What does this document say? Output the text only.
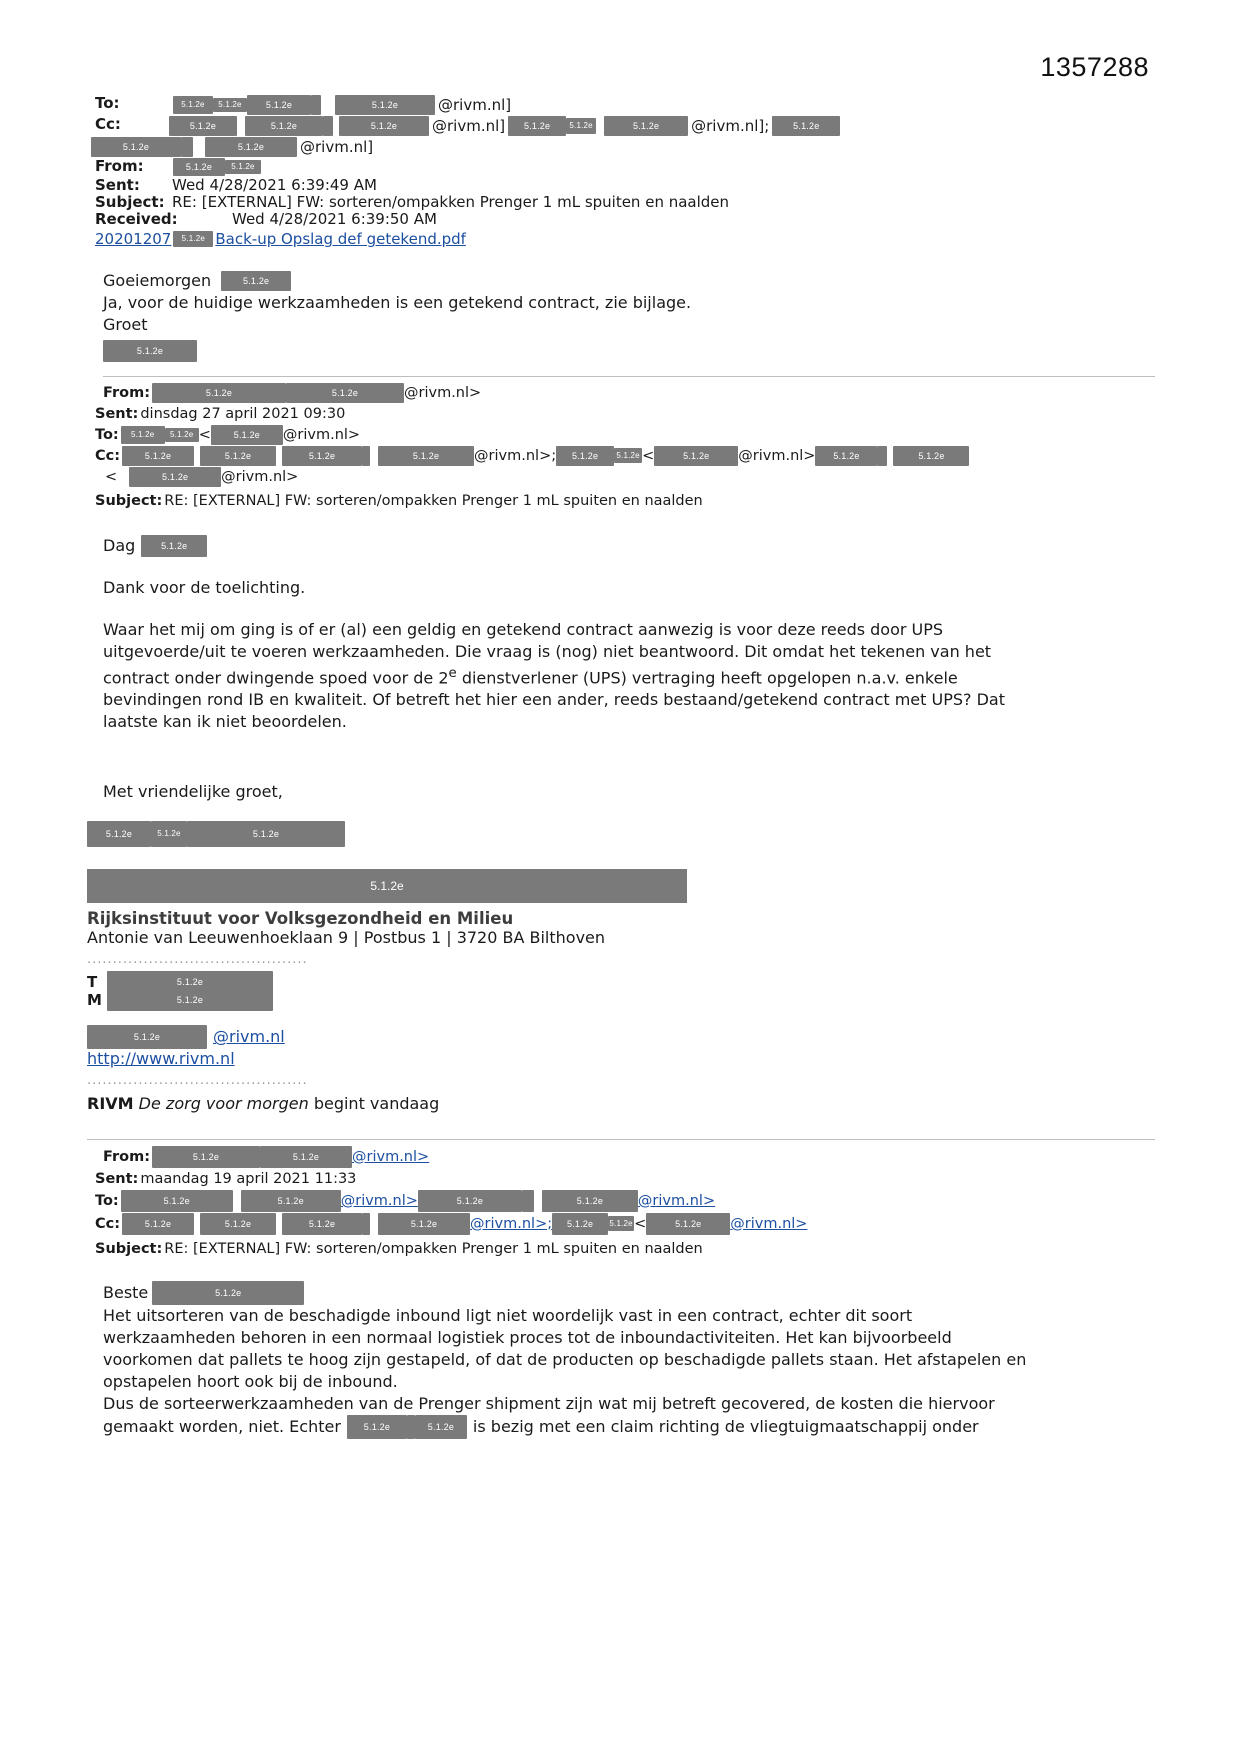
1357288
To:	5.1.2e	5.1.2e	5.1.2e	5.1.2e	@rivm.nl]
Cc:	5.1.2e	5.1.2e	5.1.2e	@rivm.nl]	5.1.2e	5.1.2e	5.1.2e	@rivm.nl];	5.1.2e

5.1.2e	5.1.2e	@rivm.nl]
From:	5.1.2e	5.1.2e
Sent:	Wed 4/28/2021 6:39:49 AM
Subject: RE: [EXTERNAL] FW: sorteren/ompakken Prenger 1 mL spuiten en naalden
Received:	Wed 4/28/2021 6:39:50 AM
20201207	5.1.2e Back-up Opslag def getekend.pdf
Goeiemorgen	5.1.2e

Ja, voor de huidige werkzaamheden is een getekend contract, zie bijlage.

Groet

5.1.2e
From:	5.1.2e	5.1.2e	@rivm.nl>
Sent: dinsdag 27 april 2021 09:30
To:	5.1.2e	5.1.2e <	5.1.2e	@rivm.nl>
Cc:	5.1.2e	5.1.2e	5.1.2e	5.1.2e	@rivm.nl>;	5.1.2e	5.1.2e <	5.1.2e	@rivm.nl>	5.1.2e	5.1.2e
<	5.1.2e	@rivm.nl>
Subject: RE: [EXTERNAL] FW: sorteren/ompakken Prenger 1 mL spuiten en naalden
Dag	5.1.2e

Dank voor de toelichting.

Waar het mij om ging is of er (al) een geldig en getekend contract aanwezig is voor deze reeds door UPS

uitgevoerde/uit te voeren werkzaamheden. Die vraag is (nog) niet beantwoord. Dit omdat het tekenen van het

contract onder dwingende spoed voor de 2e dienstverlener (UPS) vertraging heeft opgelopen n.a.v. enkele

bevindingen rond IB en kwaliteit. Of betreft het hier een ander, reeds bestaand/getekend contract met UPS? Dat

laatste kan ik niet beoordelen.

Met vriendelijke groet,

5.1.2e	5.1.2e	5.1.2e
5.1.2e
Rijksinstituut voor Volksgezondheid en Milieu
Antonie van Leeuwenhoeklaan 9 | Postbus 1 | 3720 BA Bilthoven
...........................................
T	5.1.2e
M	5.1.2e
5.1.2e	@rivm.nl
http://www.rivm.nl
...........................................
RIVM De zorg voor morgen begint vandaag
From:	5.1.2e	5.1.2e	@rivm.nl>
Sent: maandag 19 april 2021 11:33
To:	5.1.2e	5.1.2e	@rivm.nl>	5.1.2e	5.1.2e	@rivm.nl>
Cc:	5.1.2e	5.1.2e	5.1.2e	5.1.2e	@rivm.nl>;	5.1.2e	5.1.2e <	5.1.2e	@rivm.nl>
Subject: RE: [EXTERNAL] FW: sorteren/ompakken Prenger 1 mL spuiten en naalden
Beste	5.1.2e

Het uitsorteren van de beschadigde inbound ligt niet woordelijk vast in een contract, echter dit soort

werkzaamheden behoren in een normaal logistiek proces tot de inboundactiviteiten. Het kan bijvoorbeeld

voorkomen dat pallets te hoog zijn gestapeld, of dat de producten op beschadigde pallets staan. Het afstapelen en

opstapelen hoort ook bij de inbound.

Dus de sorteerwerkzaamheden van de Prenger shipment zijn wat mij betreft gecovered, de kosten die hiervoor

gemaakt worden, niet. Echter	5.1.2e	5.1.2e	is bezig met een claim richting de vliegtuigmaatschappij onder
